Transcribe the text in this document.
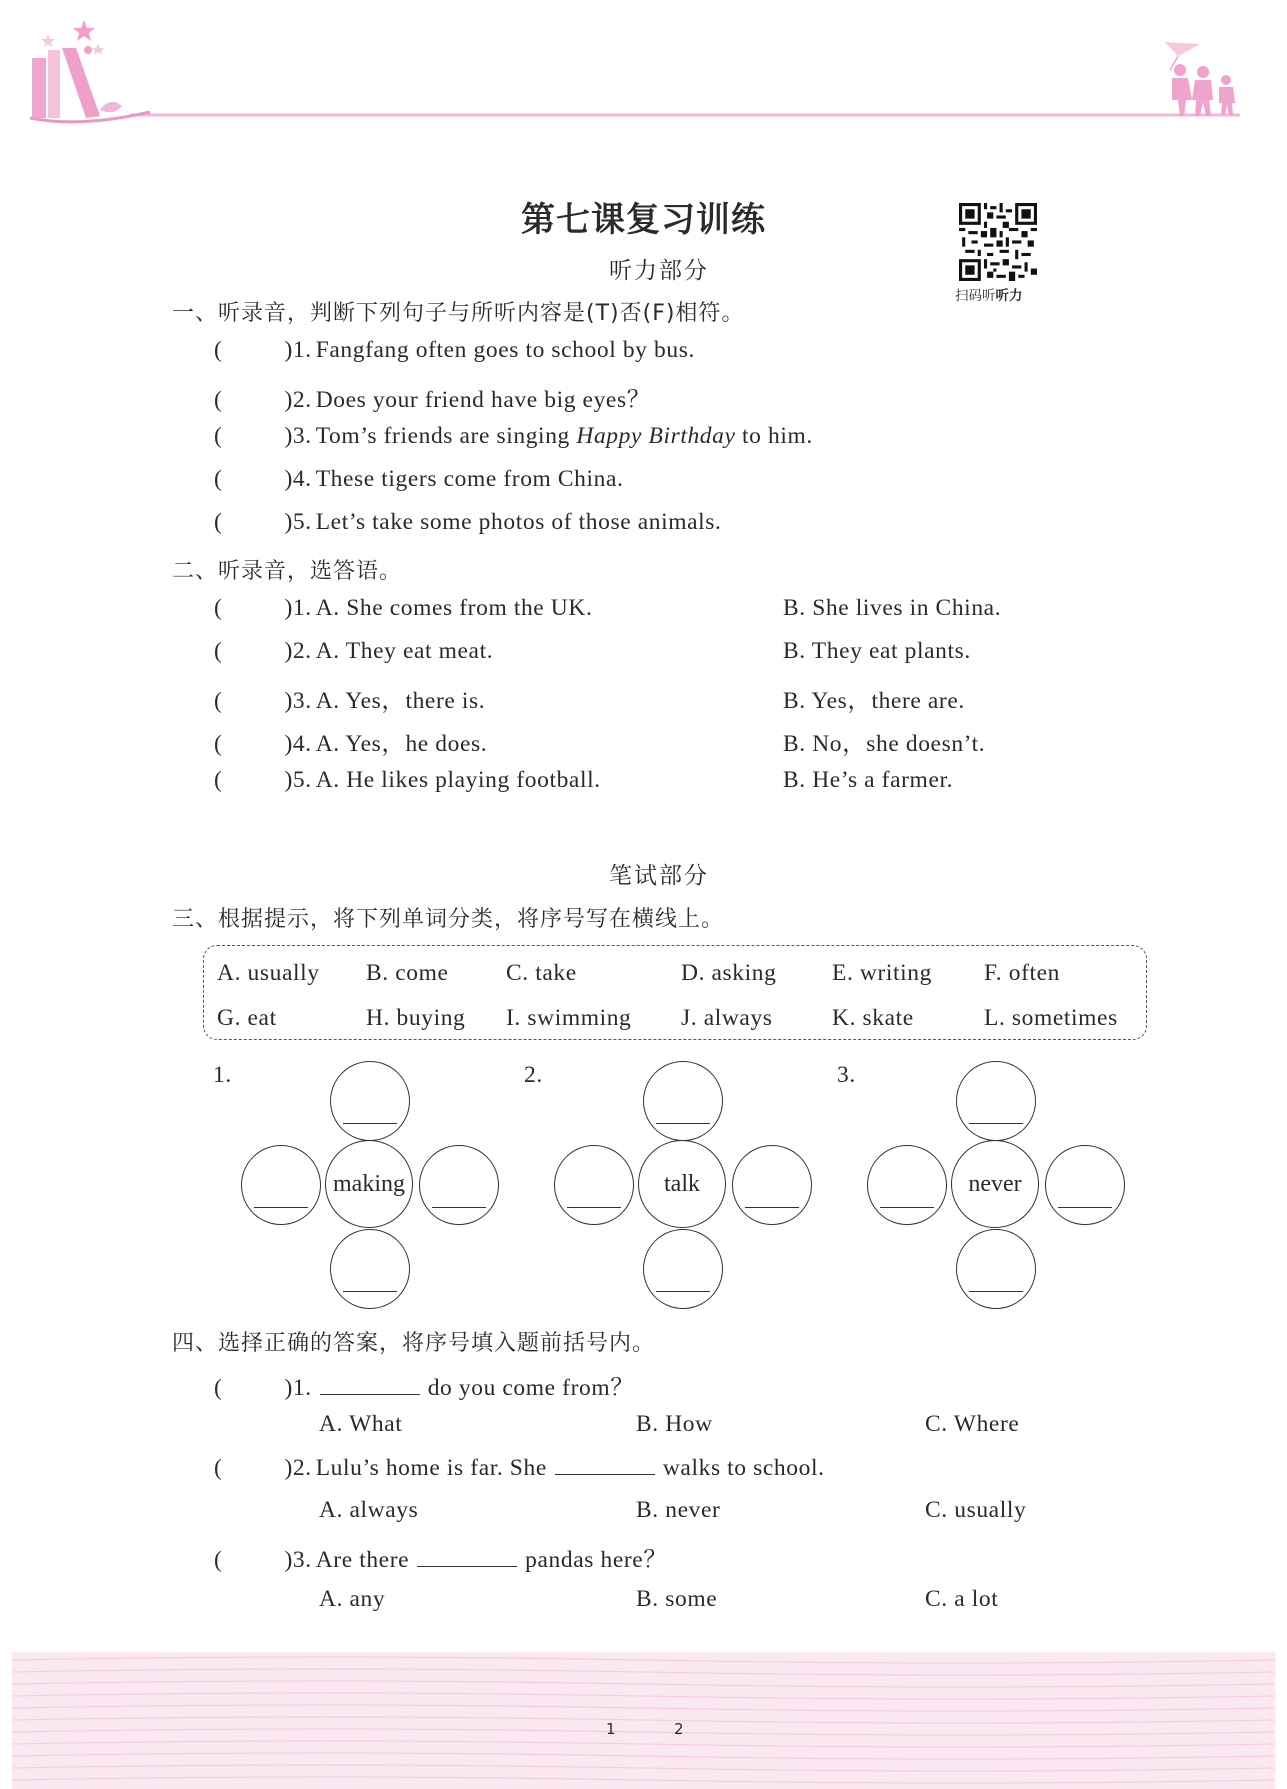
第七课复习训练
扫码听听力
听力部分
一、听录音，判断下列句子与所听内容是(T)否(F)相符。
(	)1. Fangfang often goes to school by bus.
(	)2. Does your friend have big eyes？
(	)3. Tom’s friends are singing Happy Birthday to him.
(	)4. These tigers come from China.
(	)5. Let’s take some photos of those animals.
二、听录音，选答语。
(	)1. A. She comes from the UK.	B. She lives in China.
(	)2. A. They eat meat.	B. They eat plants.
(	)3. A. Yes，there is.	B. Yes，there are.
(	)4. A. Yes，he does.	B. No，she doesn’t.
(	)5. A. He likes playing football.	B. He’s a farmer.
笔试部分
三、根据提示，将下列单词分类，将序号写在横线上。
A. usually B. come C. take	D. asking E. writing F. often
G. eat	H. buying I. swimming J. always	K. skate	L. sometimes
1.	2.	3.
making	talk	never
四、选择正确的答案，将序号填入题前括号内。
(	)1.	do you come from？
A. What	B. How	C. Where
(	)2. Lulu’s home is far. She	walks to school.
A. always	B. never	C. usually
(	)3. Are there	pandas here？
A. any	B. some	C. a lot
1	2
